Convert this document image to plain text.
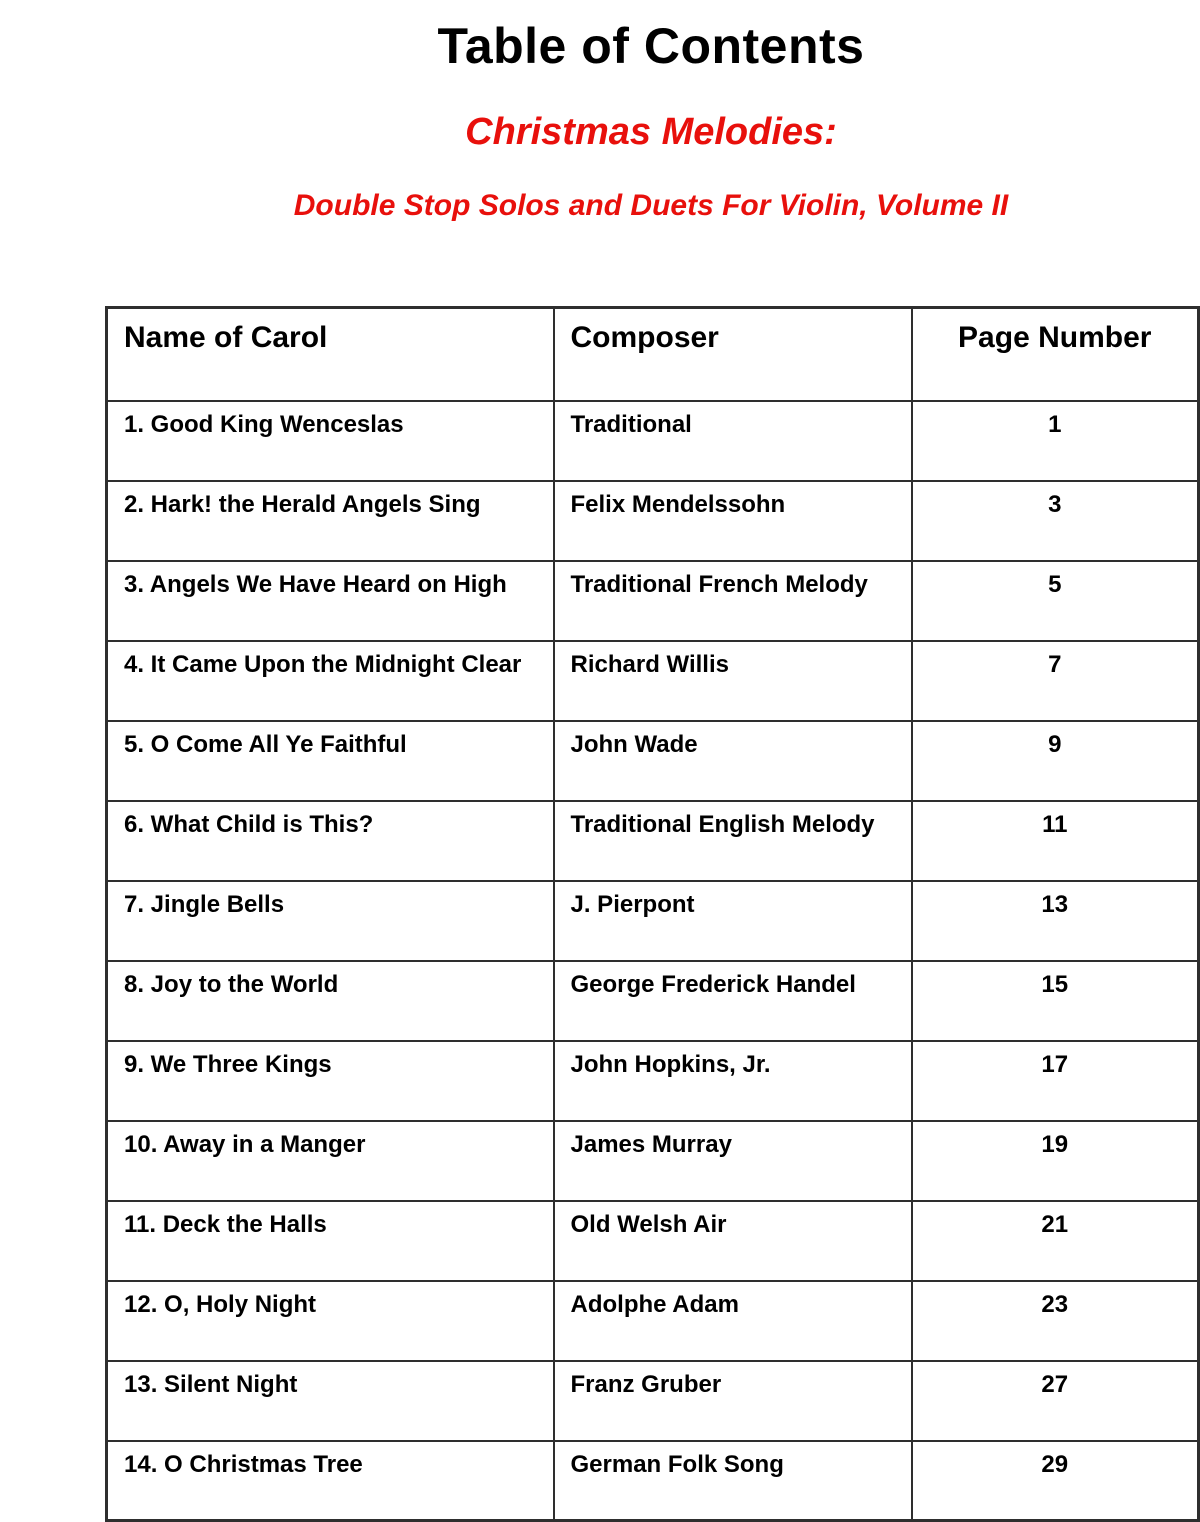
Table of Contents
Christmas Melodies:
Double Stop Solos and Duets For Violin, Volume II
Name of Carol	Composer	Page Number
1. Good King Wenceslas	Traditional	1
2. Hark! the Herald Angels Sing	Felix Mendelssohn	3
3. Angels We Have Heard on High	Traditional French Melody	5
4. It Came Upon the Midnight Clear	Richard Willis	7
5. O Come All Ye Faithful	John Wade	9
6. What Child is This?	Traditional English Melody	11
7. Jingle Bells	J. Pierpont	13
8. Joy to the World	George Frederick Handel	15
9. We Three Kings	John Hopkins, Jr.	17
10. Away in a Manger	James Murray	19
11. Deck the Halls	Old Welsh Air	21
12. O, Holy Night	Adolphe Adam	23
13. Silent Night	Franz Gruber	27
14. O Christmas Tree	German Folk Song	29
